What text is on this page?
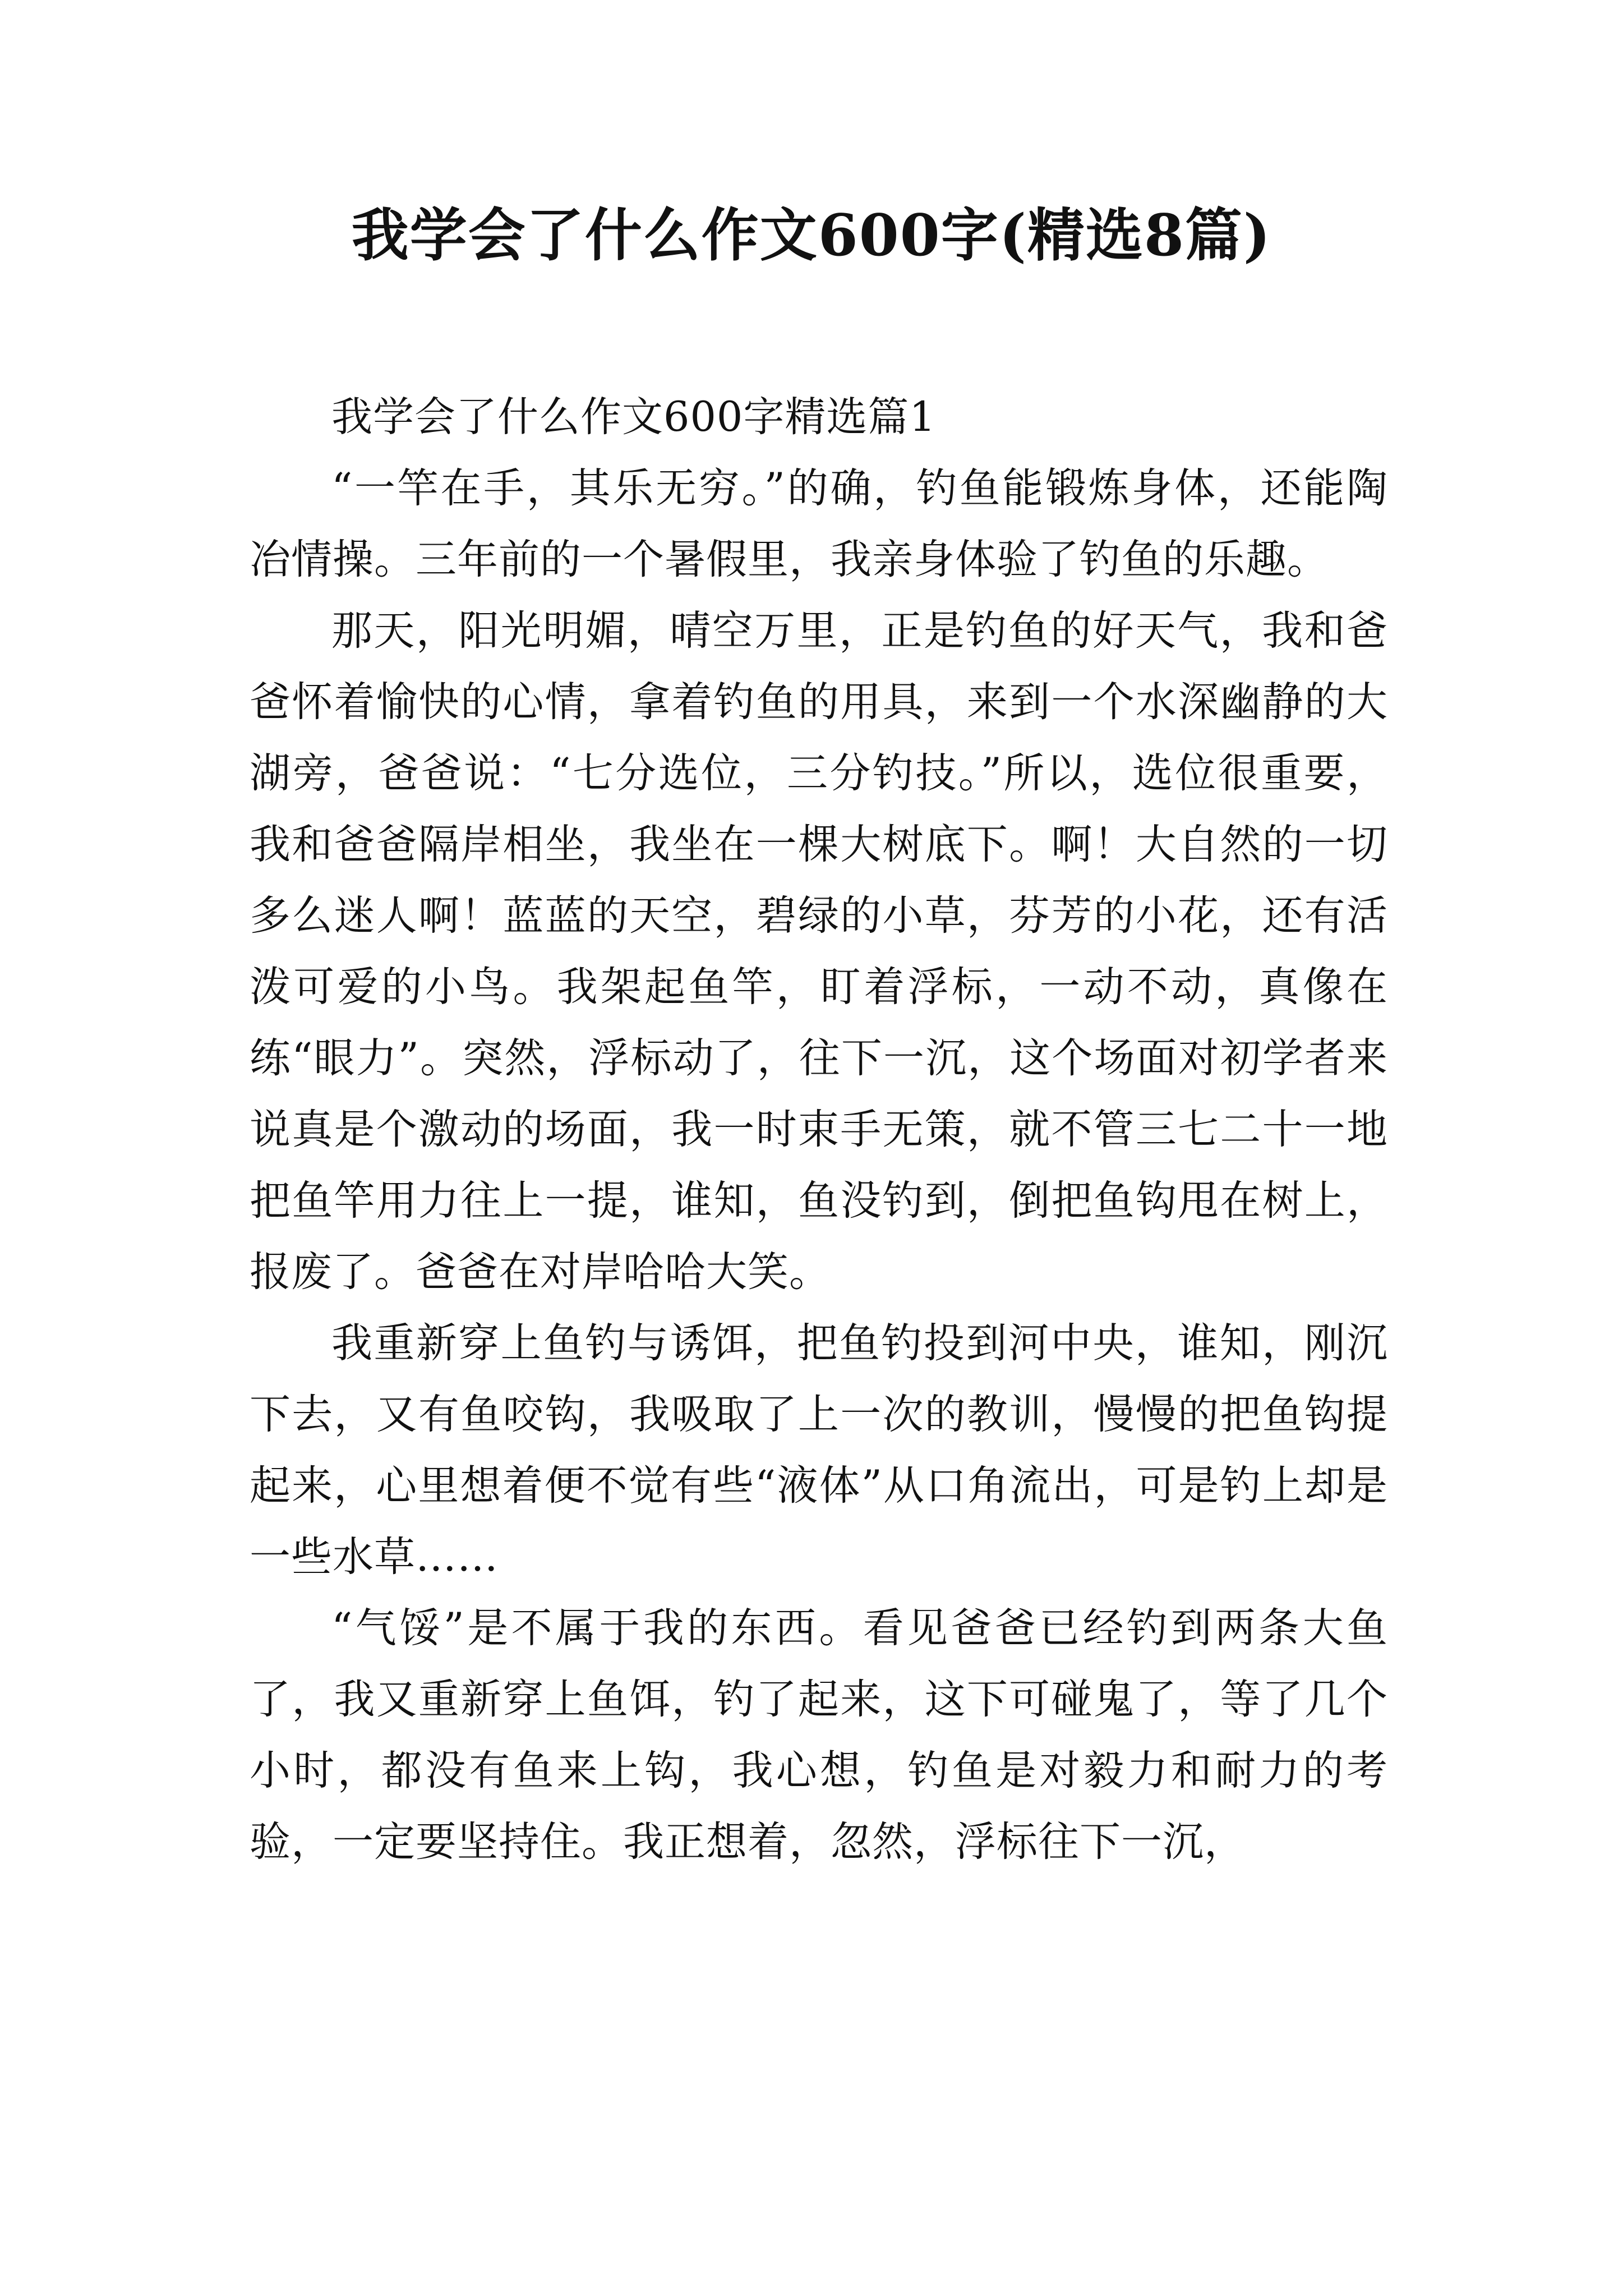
我学会了什么作文600字(精选8篇)

我学会了什么作文600字精选篇1

“一竿在手，其乐无穷。”的确，钓鱼能锻炼身体，还能陶冶情操。三年前的一个暑假里，我亲身体验了钓鱼的乐趣。

那天，阳光明媚，晴空万里，正是钓鱼的好天气，我和爸爸怀着愉快的心情，拿着钓鱼的用具，来到一个水深幽静的大湖旁，爸爸说：“七分选位，三分钓技。”所以，选位很重要，我和爸爸隔岸相坐，我坐在一棵大树底下。啊！大自然的一切多么迷人啊！蓝蓝的天空，碧绿的小草，芬芳的小花，还有活泼可爱的小鸟。我架起鱼竿，盯着浮标，一动不动，真像在练“眼力”。突然，浮标动了，往下一沉，这个场面对初学者来说真是个激动的场面，我一时束手无策，就不管三七二十一地把鱼竿用力往上一提，谁知，鱼没钓到，倒把鱼钩甩在树上，报废了。爸爸在对岸哈哈大笑。

我重新穿上鱼钓与诱饵，把鱼钓投到河中央，谁知，刚沉下去，又有鱼咬钩，我吸取了上一次的教训，慢慢的把鱼钩提起来，心里想着便不觉有些“液体”从口角流出，可是钓上却是一些水草……

“气馁”是不属于我的东西。看见爸爸已经钓到两条大鱼了，我又重新穿上鱼饵，钓了起来，这下可碰鬼了，等了几个小时，都没有鱼来上钩，我心想，钓鱼是对毅力和耐力的考验，一定要坚持住。我正想着，忽然，浮标往下一沉，
